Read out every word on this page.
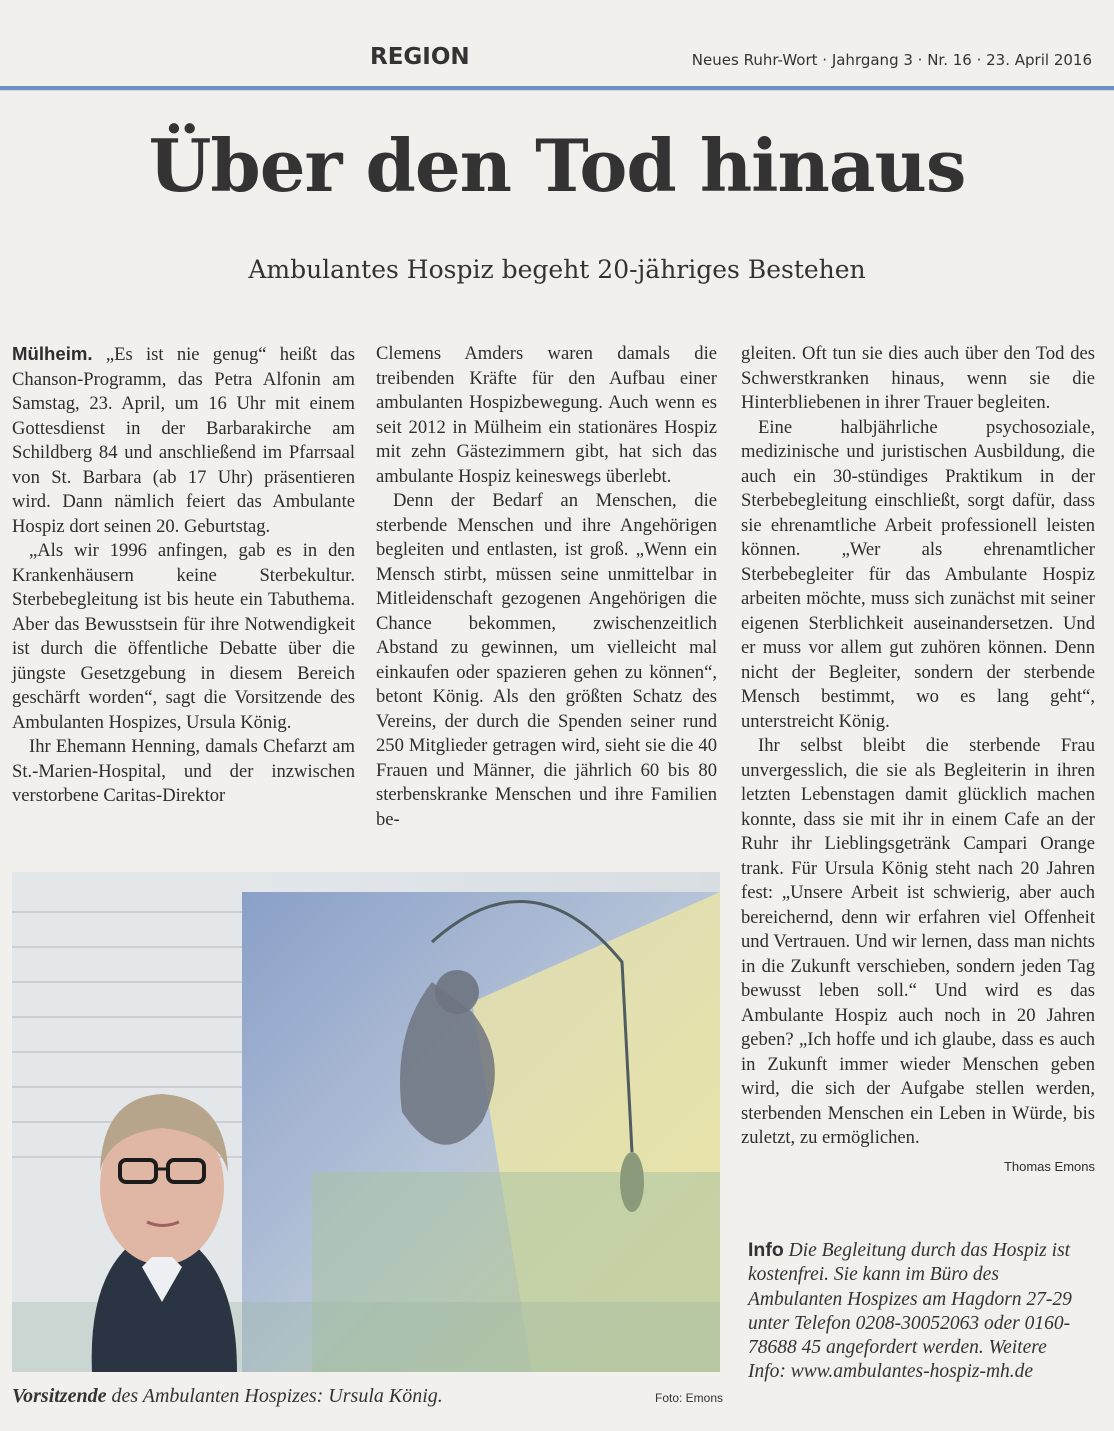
REGION	Neues Ruhr-Wort · Jahrgang 3 · Nr. 16 · 23. April 2016
Über den Tod hinaus
Ambulantes Hospiz begeht 20-jähriges Bestehen

Mülheim. „Es ist nie genug“ heißt das Chanson-Programm, das Petra Alfonin am Samstag, 23. April, um 16 Uhr mit einem Gottesdienst in der Barbarakirche am Schildberg 84 und anschließend im Pfarrsaal von St. Barbara (ab 17 Uhr) präsentieren wird. Dann nämlich feiert das Ambulante Hospiz dort seinen 20. Geburtstag.

„Als wir 1996 anfingen, gab es in den Krankenhäusern keine Sterbekultur. Sterbebegleitung ist bis heute ein Tabuthema. Aber das Bewusstsein für ihre Notwendigkeit ist durch die öffentliche Debatte über die jüngste Gesetzgebung in diesem Bereich geschärft worden“, sagt die Vorsitzende des Ambulanten Hospizes, Ursula König.

Ihr Ehemann Henning, damals Chefarzt am St.-Marien-Hospital, und der inzwischen verstorbene Caritas-Direktor

Clemens Amders waren damals die treibenden Kräfte für den Aufbau einer ambulanten Hospizbewegung. Auch wenn es seit 2012 in Mülheim ein stationäres Hospiz mit zehn Gästezimmern gibt, hat sich das ambulante Hospiz keineswegs überlebt.

Denn der Bedarf an Menschen, die sterbende Menschen und ihre Angehörigen begleiten und entlasten, ist groß. „Wenn ein Mensch stirbt, müssen seine unmittelbar in Mitleidenschaft gezogenen Angehörigen die Chance bekommen, zwischenzeitlich Abstand zu gewinnen, um vielleicht mal einkaufen oder spazieren gehen zu können“, betont König. Als den größten Schatz des Vereins, der durch die Spenden seiner rund 250 Mitglieder getragen wird, sieht sie die 40 Frauen und Männer, die jährlich 60 bis 80 sterbenskranke Menschen und ihre Familien be-

gleiten. Oft tun sie dies auch über den Tod des Schwerstkranken hinaus, wenn sie die Hinterbliebenen in ihrer Trauer begleiten.

Eine halbjährliche psychosoziale, medizinische und juristischen Ausbildung, die auch ein 30-stündiges Praktikum in der Sterbebegleitung einschließt, sorgt dafür, dass sie ehrenamtliche Arbeit professionell leisten können. „Wer als ehrenamtlicher Sterbebegleiter für das Ambulante Hospiz arbeiten möchte, muss sich zunächst mit seiner eigenen Sterblichkeit auseinandersetzen. Und er muss vor allem gut zuhören können. Denn nicht der Begleiter, sondern der sterbende Mensch bestimmt, wo es lang geht“, unterstreicht König.

Ihr selbst bleibt die sterbende Frau unvergesslich, die sie als Begleiterin in ihren letzten Lebenstagen damit glücklich machen konnte, dass sie mit ihr in einem Cafe an der Ruhr ihr Lieblingsgetränk Campari Orange trank. Für Ursula König steht nach 20 Jahren fest: „Unsere Arbeit ist schwierig, aber auch bereichernd, denn wir erfahren viel Offenheit und Vertrauen. Und wir lernen, dass man nichts in die Zukunft verschieben, sondern jeden Tag bewusst leben soll.“ Und wird es das Ambulante Hospiz auch noch in 20 Jahren geben? „Ich hoffe und ich glaube, dass es auch in Zukunft immer wieder Menschen geben wird, die sich der Aufgabe stellen werden, sterbenden Menschen ein Leben in Würde, bis zuletzt, zu ermöglichen.

Thomas Emons

Vorsitzende des Ambulanten Hospizes: Ursula König.	Foto: Emons
Info Die Begleitung durch das Hospiz ist kostenfrei. Sie kann im Büro des Ambulanten Hospizes am Hagdorn 27-29 unter Telefon 0208-30052063 oder 0160-78688 45 angefordert werden. Weitere Info: www.ambulantes-hospiz-mh.de
